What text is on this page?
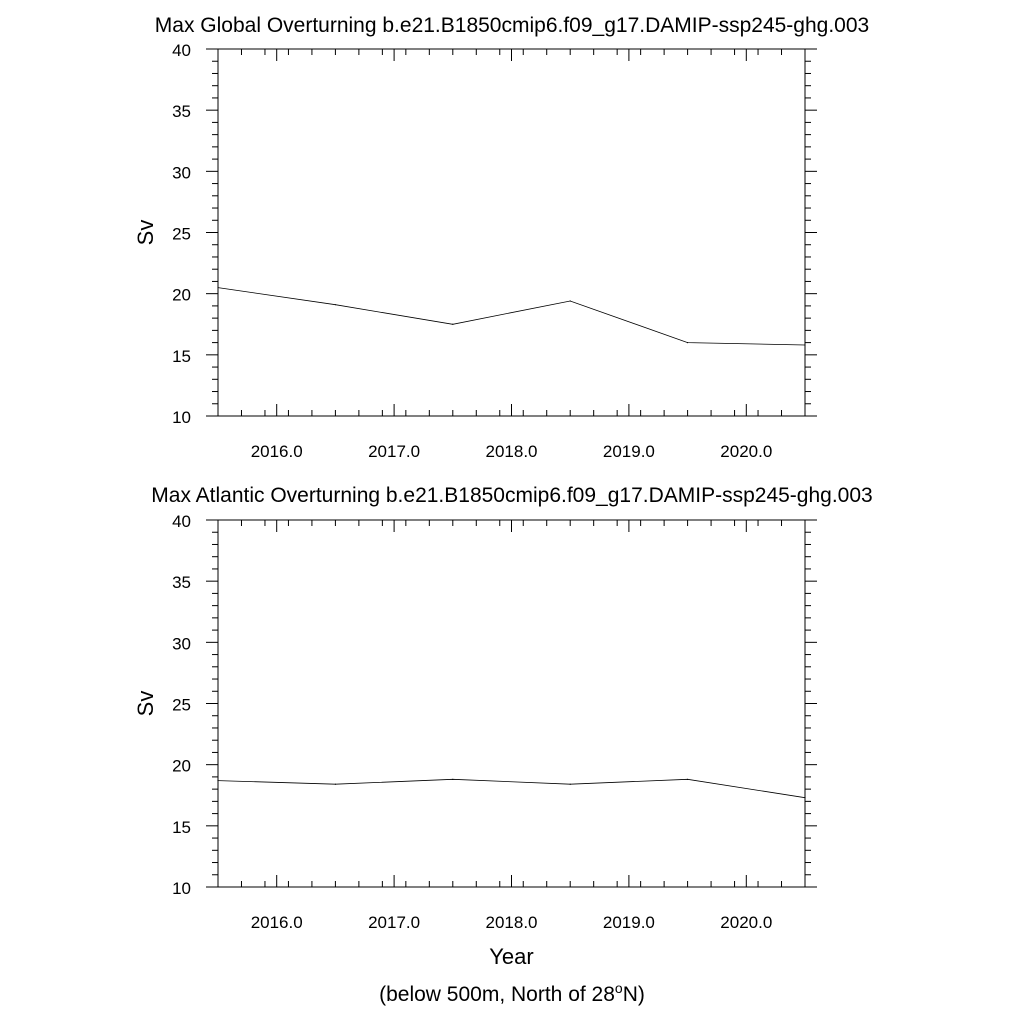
Max Global Overturning b.e21.B1850cmip6.f09_g17.DAMIP-ssp245-ghg.003
10
15
20
25
30
35
40
2016.0	2017.0	2018.0	2019.0	2020.0
Sv
Max Atlantic Overturning b.e21.B1850cmip6.f09_g17.DAMIP-ssp245-ghg.003
10
15
20
25
30
35
40
2016.0	2017.0	2018.0	2019.0	2020.0
Sv
Year
(below 500m, North of 28$^o$N)
